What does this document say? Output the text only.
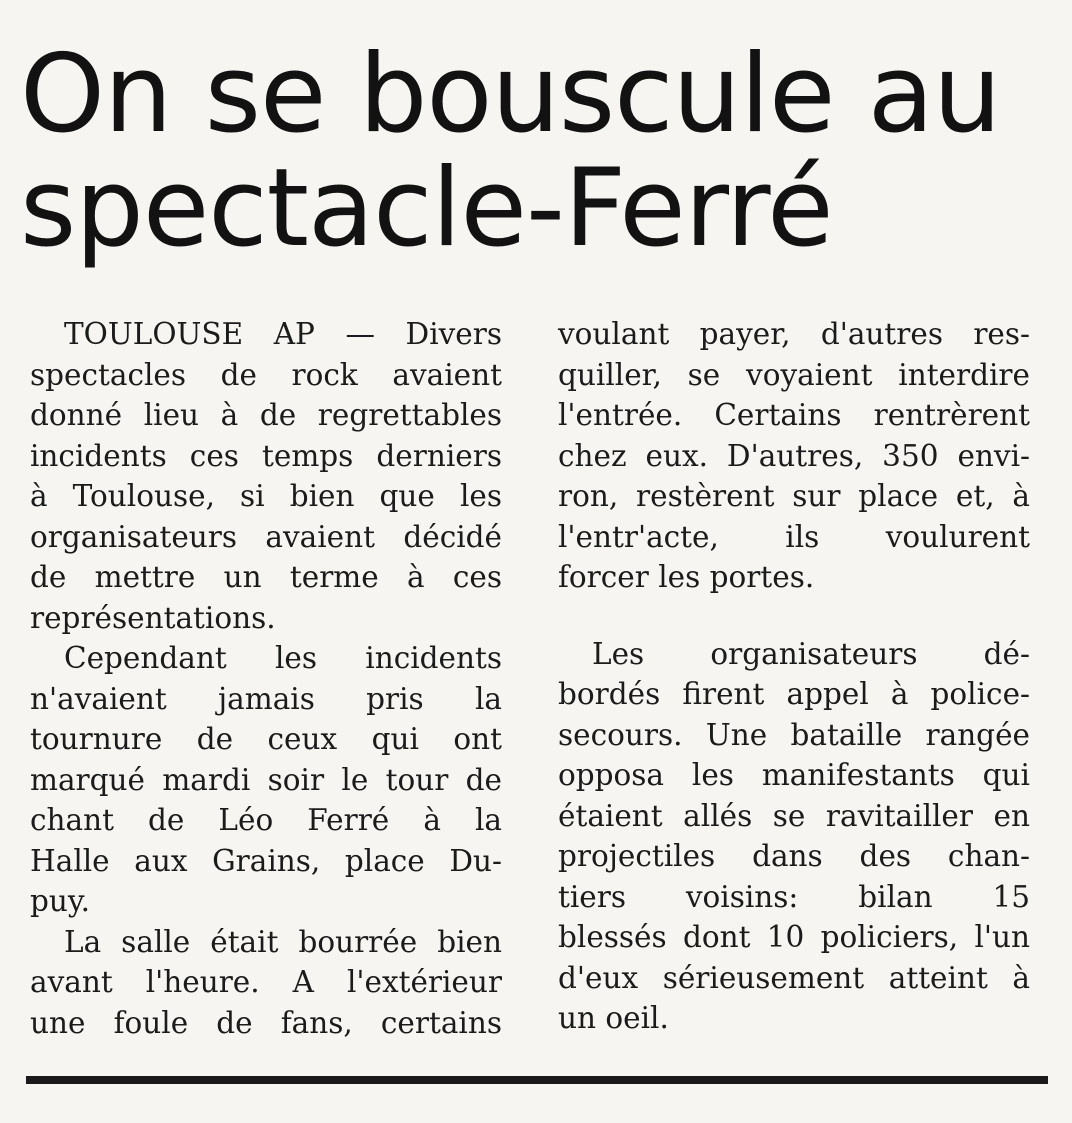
On se bouscule au
spectacle-Ferré
TOULOUSE AP — Divers
spectacles de rock avaient
donné lieu à de regrettables
incidents ces temps derniers
à Toulouse, si bien que les
organisateurs avaient décidé
de mettre un terme à ces
représentations.
Cependant les incidents
n'avaient jamais pris la
tournure de ceux qui ont
marqué mardi soir le tour de
chant de Léo Ferré à la
Halle aux Grains, place Du-
puy.
La salle était bourrée bien
avant l'heure. A l'extérieur
une foule de fans, certains
voulant payer, d'autres res-
quiller, se voyaient interdire
l'entrée. Certains rentrèrent
chez eux. D'autres, 350 envi-
ron, restèrent sur place et, à
l'entr'acte, ils voulurent
forcer les portes.
Les organisateurs dé-
bordés firent appel à police-
secours. Une bataille rangée
opposa les manifestants qui
étaient allés se ravitailler en
projectiles dans des chan-
tiers voisins: bilan 15
blessés dont 10 policiers, l'un
d'eux sérieusement atteint à
un oeil.
